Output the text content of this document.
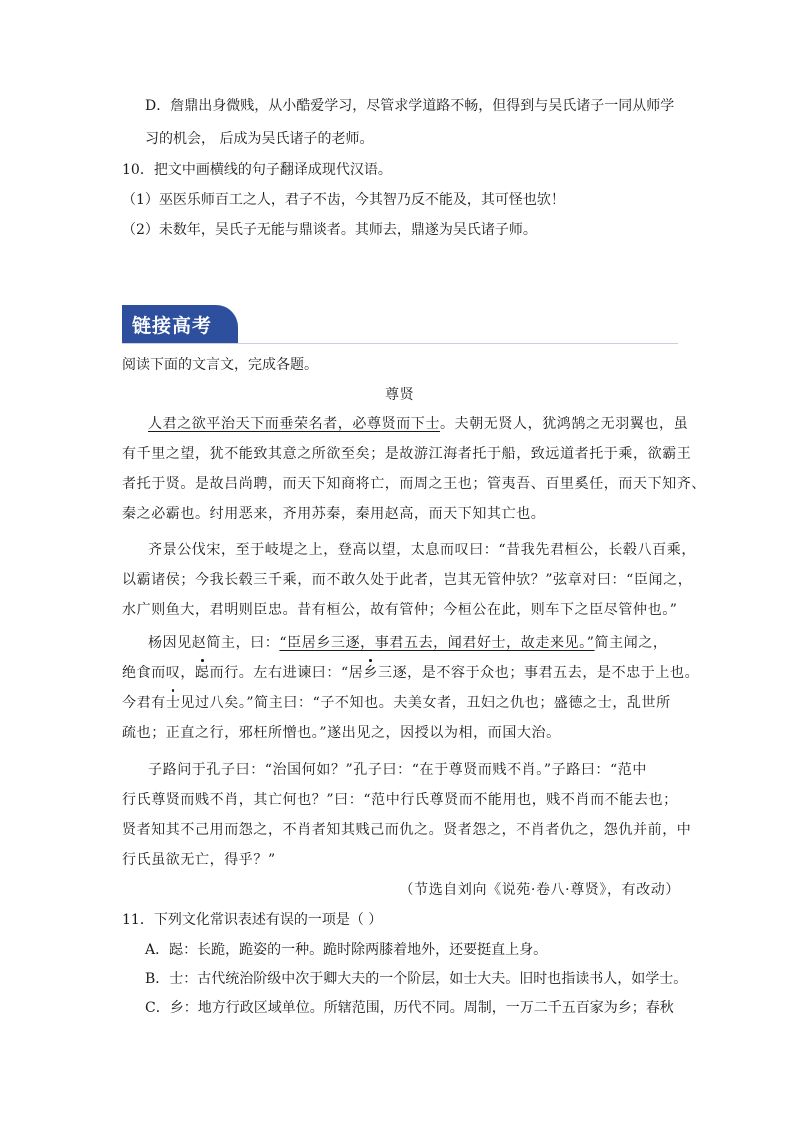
D．詹鼎出身微贱，从小酷爱学习，尽管求学道路不畅，但得到与吴氏诸子一同从师学
习的机会， 后成为吴氏诸子的老师。
10．把文中画横线的句子翻译成现代汉语。
（1）巫医乐师百工之人，君子不齿，今其智乃反不能及，其可怪也欤！
（2）未数年，吴氏子无能与鼎谈者。其师去，鼎遂为吴氏诸子师。
链接高考
阅读下面的文言文，完成各题。
尊贤
人君之欲平治天下而垂荣名者，必尊贤而下士。夫朝无贤人，犹鸿鹄之无羽翼也，虽
有千里之望，犹不能致其意之所欲至矣；是故游江海者托于船，致远道者托于乘，欲霸王
者托于贤。是故吕尚聘，而天下知商将亡，而周之王也；管夷吾、百里奚任，而天下知齐、
秦之必霸也。纣用恶来，齐用苏秦，秦用赵高，而天下知其亡也。
齐景公伐宋，至于岐堤之上，登高以望，太息而叹曰：“昔我先君桓公，长毂八百乘，
以霸诸侯；今我长毂三千乘，而不敢久处于此者，岂其无管仲欤？”弦章对曰：“臣闻之，
水广则鱼大，君明则臣忠。昔有桓公，故有管仲；今桓公在此，则车下之臣尽管仲也。”
杨因见赵简主，曰：“臣居乡三逐，事君五去，闻君好士，故走来见。”简主闻之，
绝食而叹，跽而行。左右进谏曰：“居乡三逐，是不容于众也；事君五去，是不忠于上也。
今君有士见过八矣。”简主曰：“子不知也。夫美女者，丑妇之仇也；盛德之士，乱世所
疏也；正直之行，邪枉所憎也。”遂出见之，因授以为相，而国大治。
子路问于孔子曰：“治国何如？”孔子曰：“在于尊贤而贱不肖。”子路曰：“范中
行氏尊贤而贱不肖，其亡何也？”曰：“范中行氏尊贤而不能用也，贱不肖而不能去也；
贤者知其不己用而怨之，不肖者知其贱己而仇之。贤者怨之，不肖者仇之，怨仇并前，中
行氏虽欲无亡，得乎？”
（节选自刘向《说苑·卷八·尊贤》，有改动）
11．下列文化常识表述有误的一项是（ ）
A．跽：长跪，跪姿的一种。跪时除两膝着地外，还要挺直上身。
B．士：古代统治阶级中次于卿大夫的一个阶层，如士大夫。旧时也指读书人，如学士。
C．乡：地方行政区域单位。所辖范围，历代不同。周制，一万二千五百家为乡；春秋
